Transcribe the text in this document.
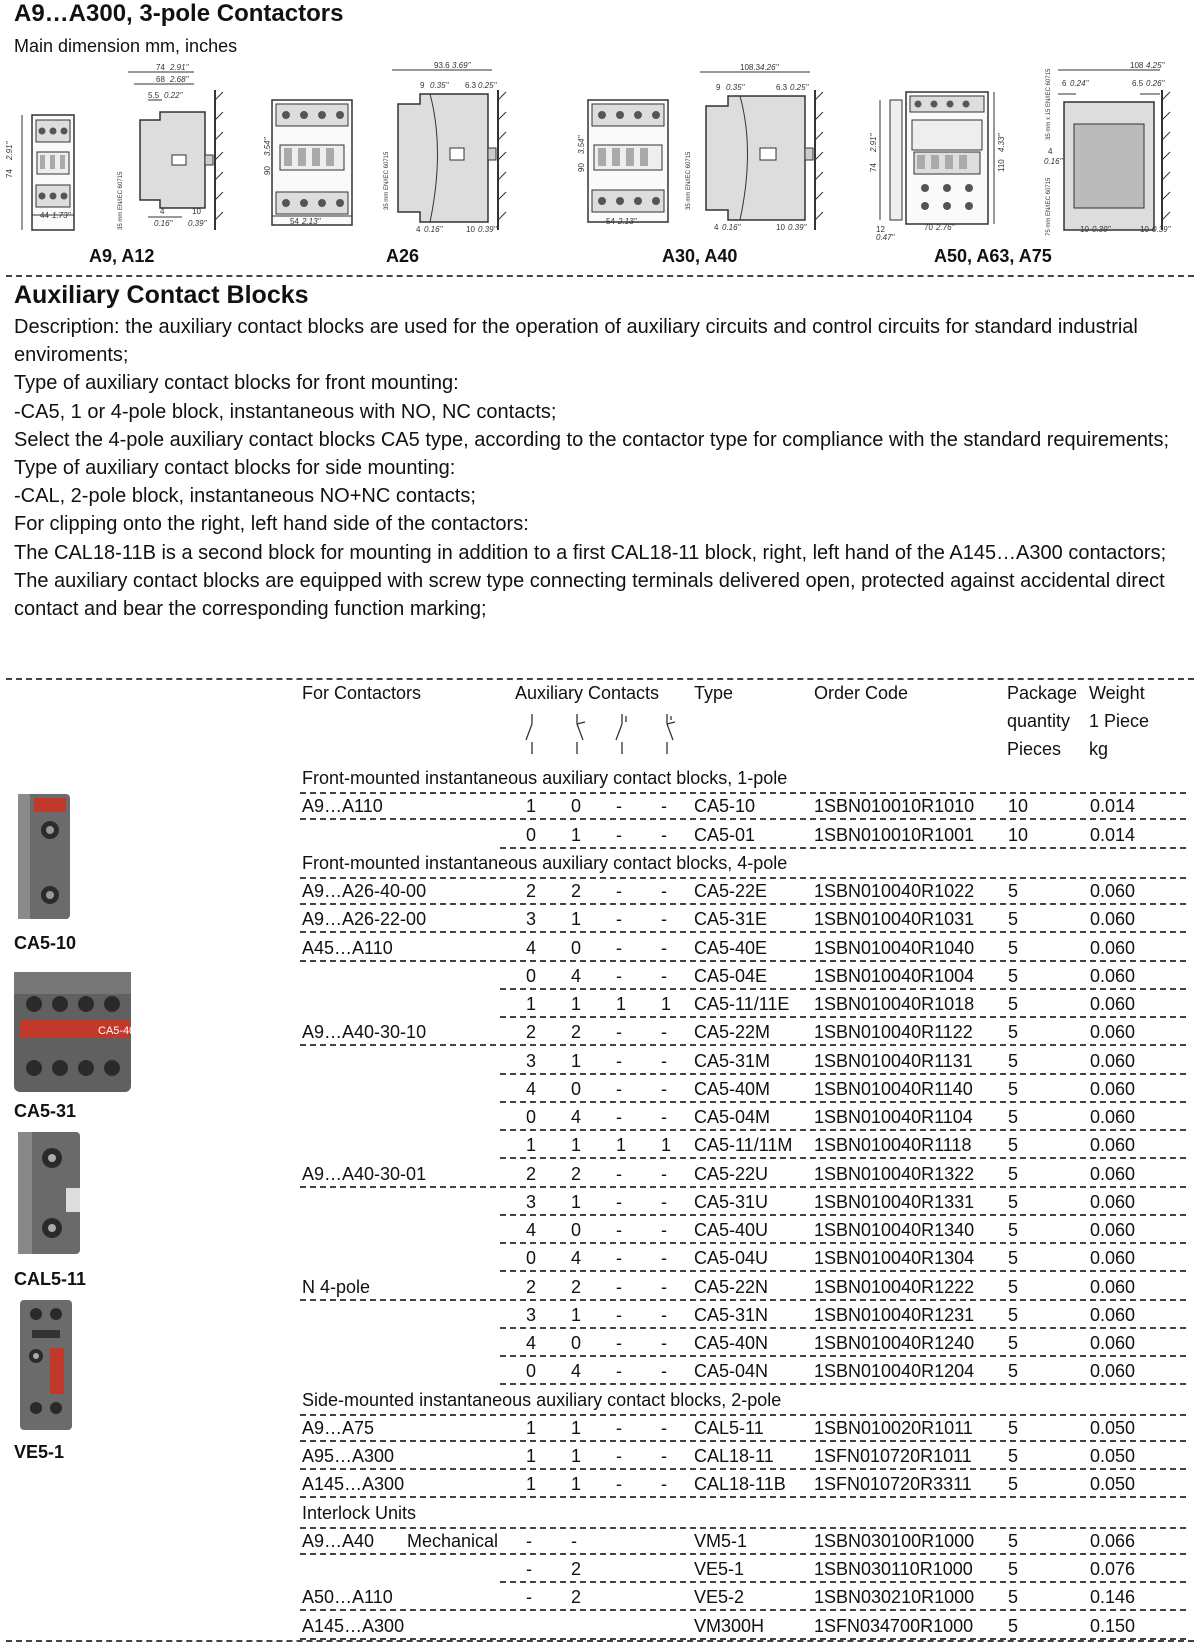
A9…A300, 3-pole Contactors
Main dimension mm, inches
74
2.91"
44 1.73"
74 2.91"
68 2.68"
5.5 0.22"
35 mm EN/IEC 60715	4
0.16"
10
0.39"
90
3.54"
54 2.13"
93.6 3.69"
9 0.35" 6.3 0.25"
35 mm EN/IEC 60715
4 0.16"	10 0.39"
90
3.54"
54 2.13"
108.3 4.26"
9 0.35"	6.3 0.25"
35 mm EN/IEC 60715
4 0.16"	10 0.39"
74
2.91"
110
4.33"
12
0.47"
70 2.76"
108 4.25"
6 0.24"	6.5 0.26"
4
0.16"
35 mm x 15 EN/IEC 60715
75 mm EN/IEC 60715	10 0.39"	10 0.39"
A9, A12	A26	A30, A40	A50, A63, A75
Auxiliary Contact Blocks

Description: the auxiliary contact blocks are used for the operation of auxiliary circuits and control circuits for standard industrial enviroments;

Type of auxiliary contact blocks for front mounting:

-CA5, 1 or 4-pole block, instantaneous with NO, NC contacts;

Select the 4-pole auxiliary contact blocks CA5 type, according to the contactor type for compliance with the standard requirements;

Type of auxiliary contact blocks for side mounting:

-CAL, 2-pole block, instantaneous NO+NC contacts;

For clipping onto the right, left hand side of the contactors:

The CAL18-11B is a second block for mounting in addition to a first CAL18-11 block, right, left hand of the A145…A300 contactors;

The auxiliary contact blocks are equipped with screw type connecting terminals delivered open, protected against accidental direct contact and bear the corresponding function marking;

For Contactors	Auxiliary Contacts Type	Order Code	Package
quantity
Pieces
Weight
1 Piece
kg
Front-mounted instantaneous auxiliary contact blocks, 1-pole
A9…A110	1 0 - - CA5-10	1SBN010010R1010 10	0.014
0 1 - - CA5-01	1SBN010010R1001 10	0.014
Front-mounted instantaneous auxiliary contact blocks, 4-pole
A9…A26-40-00	2 2 - - CA5-22E	1SBN010040R1022 5	0.060
A9…A26-22-00	3 1 - - CA5-31E	1SBN010040R1031 5	0.060
A45…A110	4 0 - - CA5-40E	1SBN010040R1040 5	0.060
0 4 - - CA5-04E	1SBN010040R1004 5	0.060
1 1 1 1 CA5-11/11E 1SBN010040R1018 5	0.060
A9…A40-30-10	2 2 - - CA5-22M 1SBN010040R1122 5	0.060
3 1 - - CA5-31M 1SBN010040R1131 5	0.060
4 0 - - CA5-40M 1SBN010040R1140 5	0.060
0 4 - - CA5-04M 1SBN010040R1104 5	0.060
1 1 1 1 CA5-11/11M 1SBN010040R1118 5	0.060
A9…A40-30-01	2 2 - - CA5-22U	1SBN010040R1322 5	0.060
3 1 - - CA5-31U	1SBN010040R1331 5	0.060
4 0 - - CA5-40U	1SBN010040R1340 5	0.060
0 4 - - CA5-04U	1SBN010040R1304 5	0.060
N 4-pole	2 2 - - CA5-22N	1SBN010040R1222 5	0.060
3 1 - - CA5-31N	1SBN010040R1231 5	0.060
4 0 - - CA5-40N	1SBN010040R1240 5	0.060
0 4 - - CA5-04N	1SBN010040R1204 5	0.060
Side-mounted instantaneous auxiliary contact blocks, 2-pole
A9…A75	1 1 - - CAL5-11	1SBN010020R1011 5	0.050
A95…A300	1 1 - - CAL18-11 1SFN010720R1011 5	0.050
A145…A300	1 1 - - CAL18-11B 1SFN010720R3311 5	0.050
Interlock Units
A9…A40 Mechanical - -	VM5-1	1SBN030100R1000 5	0.066
- 2	VE5-1	1SBN030110R1000 5	0.076
A50…A110	- 2	VE5-2	1SBN030210R1000 5	0.146
A145…A300	VM300H	1SFN034700R1000 5	0.150
CA5-10
CA5-40E
CA5-31
CAL5-11
VE5-1
